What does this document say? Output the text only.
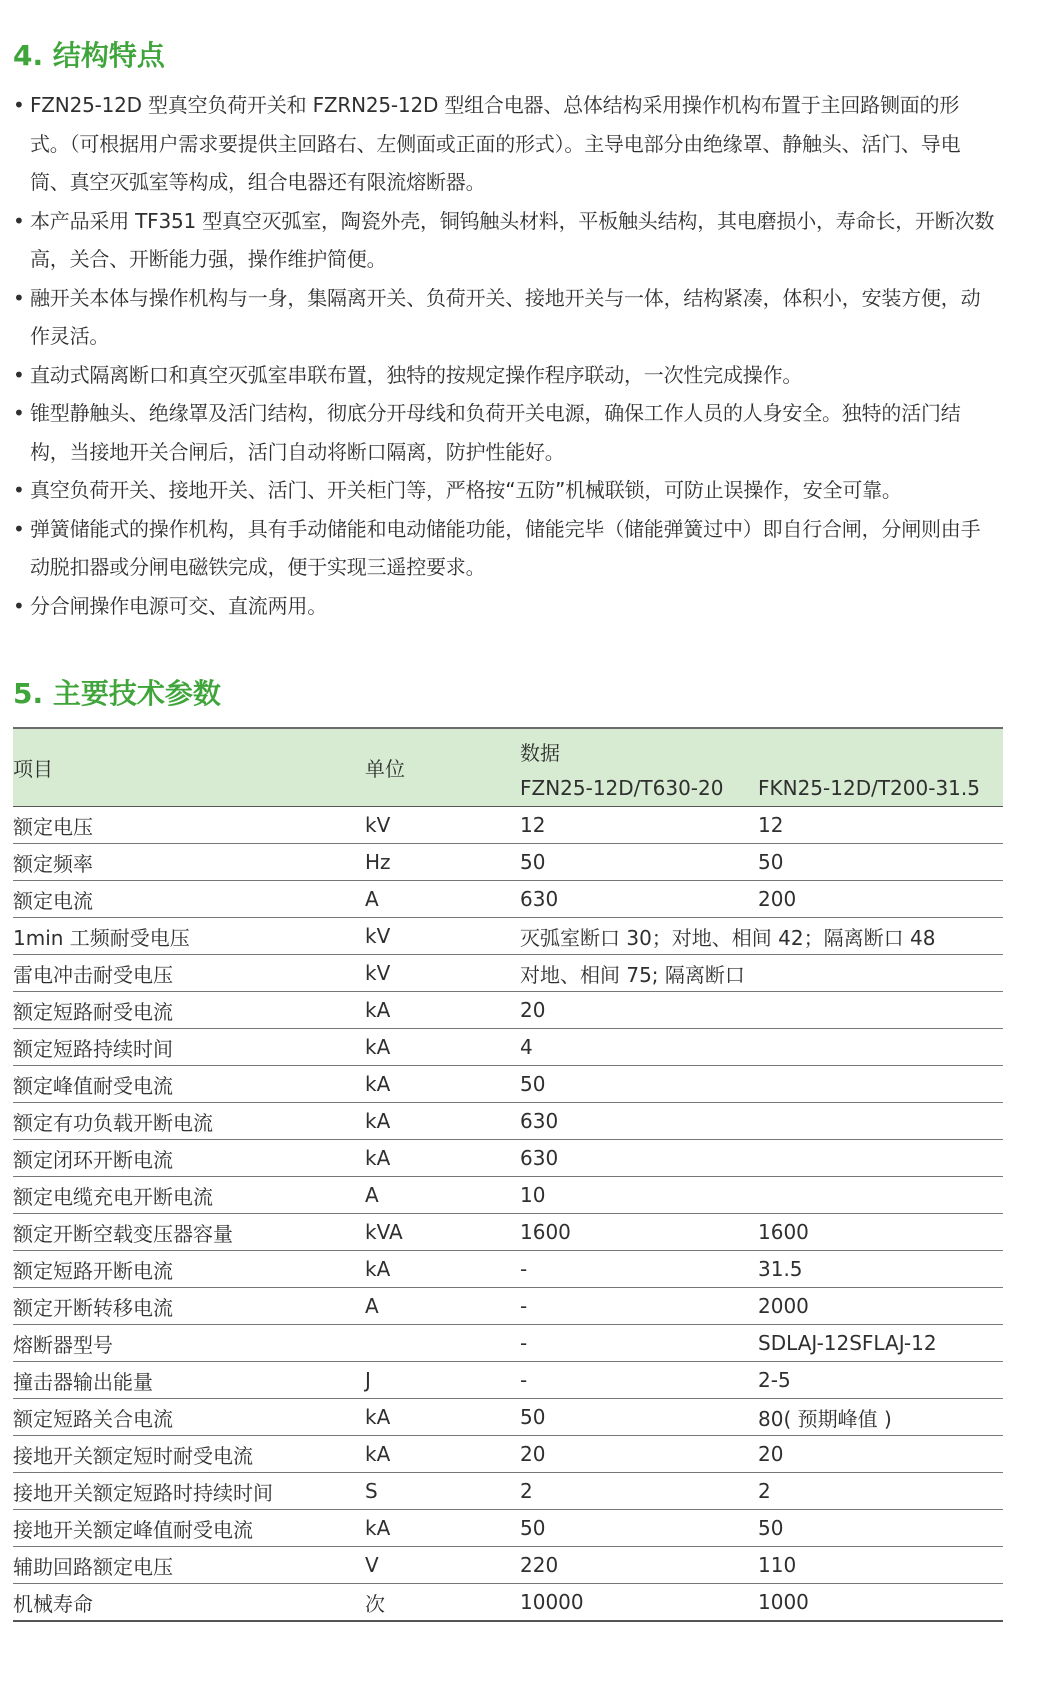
4. 结构特点
• FZN25-12D 型真空负荷开关和 FZRN25-12D 型组合电器、总体结构采用操作机构布置于主回路铡面的形式。（可根据用户需求要提供主回路右、左侧面或正面的形式）。主导电部分由绝缘罩、静触头、活门、导电筒、真空灭弧室等构成，组合电器还有限流熔断器。
• 本产品采用 TF351 型真空灭弧室，陶瓷外壳，铜钨触头材料，平板触头结构，其电磨损小，寿命长，开断次数高，关合、开断能力强，操作维护简便。
• 融开关本体与操作机构与一身，集隔离开关、负荷开关、接地开关与一体，结构紧凑，体积小，安装方便，动作灵活。
• 直动式隔离断口和真空灭弧室串联布置，独特的按规定操作程序联动，一次性完成操作。
• 锥型静触头、绝缘罩及活门结构，彻底分开母线和负荷开关电源，确保工作人员的人身安全。独特的活门结构，当接地开关合闸后，活门自动将断口隔离，防护性能好。
• 真空负荷开关、接地开关、活门、开关柜门等，严格按“五防”机械联锁，可防止误操作，安全可靠。
• 弹簧储能式的操作机构，具有手动储能和电动储能功能，储能完毕（储能弹簧过中）即自行合闸，分闸则由手动脱扣器或分闸电磁铁完成，便于实现三遥控要求。
• 分合闸操作电源可交、直流两用。
5. 主要技术参数
项目	单位	数据	
		FZN25-12D/T630-20	FKN25-12D/T200-31.5
额定电压	kV	12	12
额定频率	Hz	50	50
额定电流	A	630	200
1min 工频耐受电压	kV	灭弧室断口 30；对地、相间 42；隔离断口 48	
雷电冲击耐受电压	kV	对地、相间 75; 隔离断口	
额定短路耐受电流	kA	20	
额定短路持续时间	kA	4	
额定峰值耐受电流	kA	50	
额定有功负载开断电流	kA	630	
额定闭环开断电流	kA	630	
额定电缆充电开断电流	A	10	
额定开断空载变压器容量	kVA	1600	1600
额定短路开断电流	kA	-	31.5
额定开断转移电流	A	-	2000
熔断器型号		-	SDLAJ-12SFLAJ-12
撞击器输出能量	J	-	2-5
额定短路关合电流	kA	50	80( 预期峰值 )
接地开关额定短时耐受电流	kA	20	20
接地开关额定短路时持续时间	S	2	2
接地开关额定峰值耐受电流	kA	50	50
辅助回路额定电压	V	220	110
机械寿命	次	10000	1000
